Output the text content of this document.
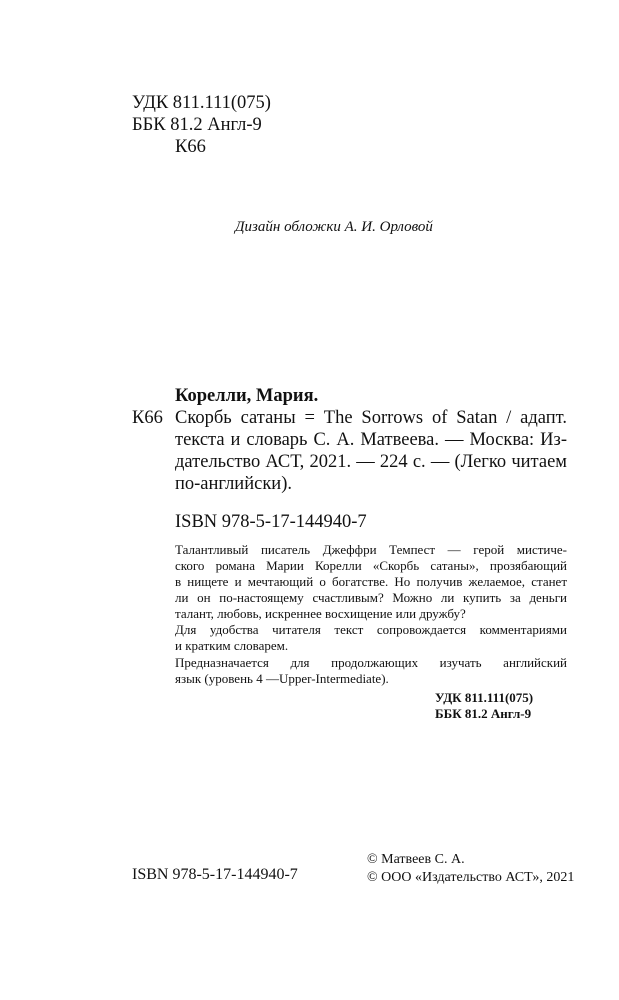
УДК 811.111(075)
ББК 81.2 Англ-9
К66
Дизайн обложки А. И. Орловой
Корелли, Мария.
К66 Скорбь сатаны = The Sorrows of Satan / адапт.
текста и словарь С. А. Матвеева. — Москва: Из-
дательство АСТ, 2021. — 224 с. — (Легко читаем
по-английски).
ISBN 978-5-17-144940-7
Талантливый писатель Джеффри Темпест — герой мистиче-
ского романа Марии Корелли «Скорбь сатаны», прозябающий
в нищете и мечтающий о богатстве. Но получив желаемое, станет
ли он по-настоящему счастливым? Можно ли купить за деньги
талант, любовь, искреннее восхищение или дружбу?
Для удобства читателя текст сопровождается комментариями
и кратким словарем.
Предназначается для продолжающих изучать английский
язык (уровень 4 —Upper-Intermediate).
УДК 811.111(075)
ББК 81.2 Англ-9
ISBN 978-5-17-144940-7
© Матвеев С. А.
© ООО «Издательство АСТ», 2021
